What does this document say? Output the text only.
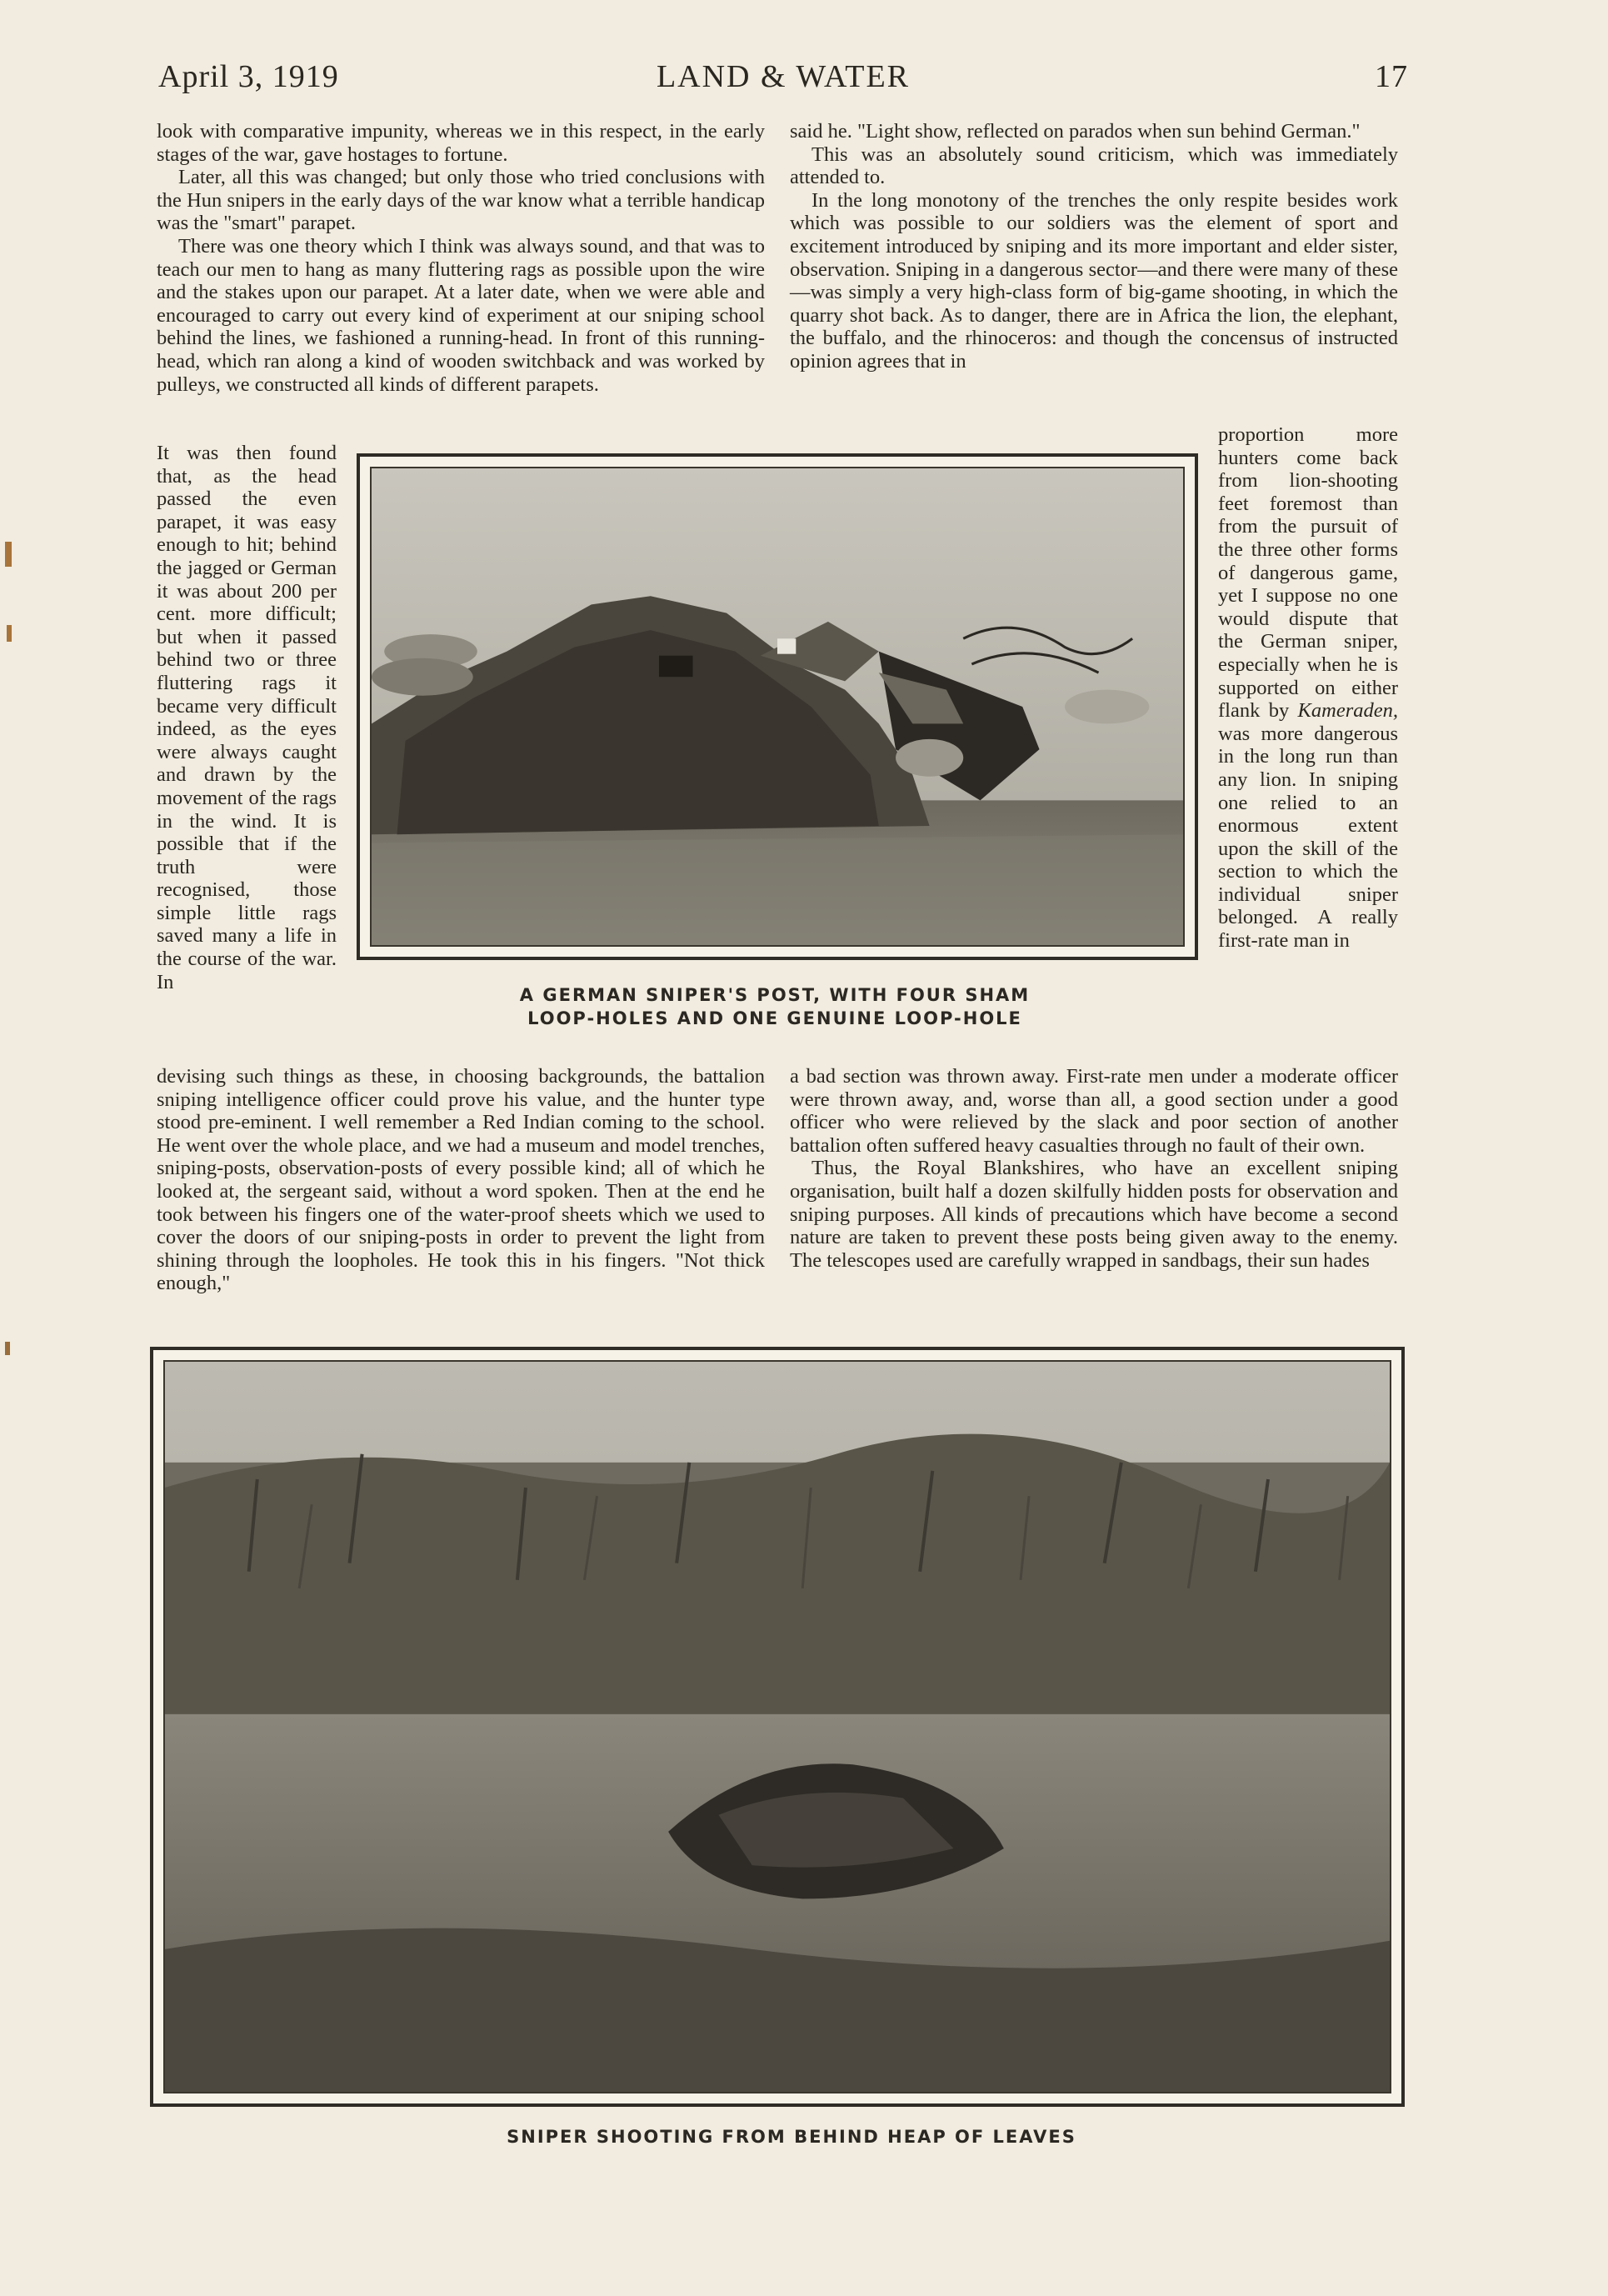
April 3, 1919	LAND & WATER	17

look with comparative impunity, whereas we in this respect, in the early stages of the war, gave hostages to fortune.

Later, all this was changed; but only those who tried conclusions with the Hun snipers in the early days of the war know what a terrible handicap was the "smart" parapet.

There was one theory which I think was always sound, and that was to teach our men to hang as many fluttering rags as possible upon the wire and the stakes upon our parapet. At a later date, when we were able and encouraged to carry out every kind of experiment at our sniping school behind the lines, we fashioned a running-head. In front of this running-head, which ran along a kind of wooden switchback and was worked by pulleys, we constructed all kinds of different parapets.

It was then found that, as the head passed the even parapet, it was easy enough to hit; behind the jagged or German it was about 200 per cent. more difficult; but when it passed behind two or three fluttering rags it became very difficult indeed, as the eyes were always caught and drawn by the movement of the rags in the wind. It is possible that if the truth were recognised, those simple little rags saved many a life in the course of the war. In

devising such things as these, in choosing backgrounds, the battalion sniping intelligence officer could prove his value, and the hunter type stood pre-eminent. I well remember a Red Indian coming to the school. He went over the whole place, and we had a museum and model trenches, sniping-posts, observation-posts of every possible kind; all of which he looked at, the sergeant said, without a word spoken. Then at the end he took between his fingers one of the water-proof sheets which we used to cover the doors of our sniping-posts in order to prevent the light from shining through the loopholes. He took this in his fingers. "Not thick enough,"

said he. "Light show, reflected on parados when sun behind German."

This was an absolutely sound criticism, which was immediately attended to.

In the long monotony of the trenches the only respite besides work which was possible to our soldiers was the element of sport and excitement introduced by sniping and its more important and elder sister, observation. Sniping in a dangerous sector—and there were many of these—was simply a very high-class form of big-game shooting, in which the quarry shot back. As to danger, there are in Africa the lion, the elephant, the buffalo, and the rhinoceros: and though the concensus of instructed opinion agrees that in

proportion more hunters come back from lion-shooting feet foremost than from the pursuit of the three other forms of dangerous game, yet I suppose no one would dispute that the German sniper, especially when he is supported on either flank by Kameraden, was more dangerous in the long run than any lion. In sniping one relied to an enormous extent upon the skill of the section to which the individual sniper belonged. A really first-rate man in

a bad section was thrown away. First-rate men under a moderate officer were thrown away, and, worse than all, a good section under a good officer who were relieved by the slack and poor section of another battalion often suffered heavy casualties through no fault of their own.

Thus, the Royal Blankshires, who have an excellent sniping organisation, built half a dozen skilfully hidden posts for observation and sniping purposes. All kinds of precautions which have become a second nature are taken to prevent these posts being given away to the enemy. The telescopes used are carefully wrapped in sandbags, their sun hades

A GERMAN SNIPER'S POST, WITH FOUR SHAM
LOOP-HOLES AND ONE GENUINE LOOP-HOLE
SNIPER SHOOTING FROM BEHIND HEAP OF LEAVES
